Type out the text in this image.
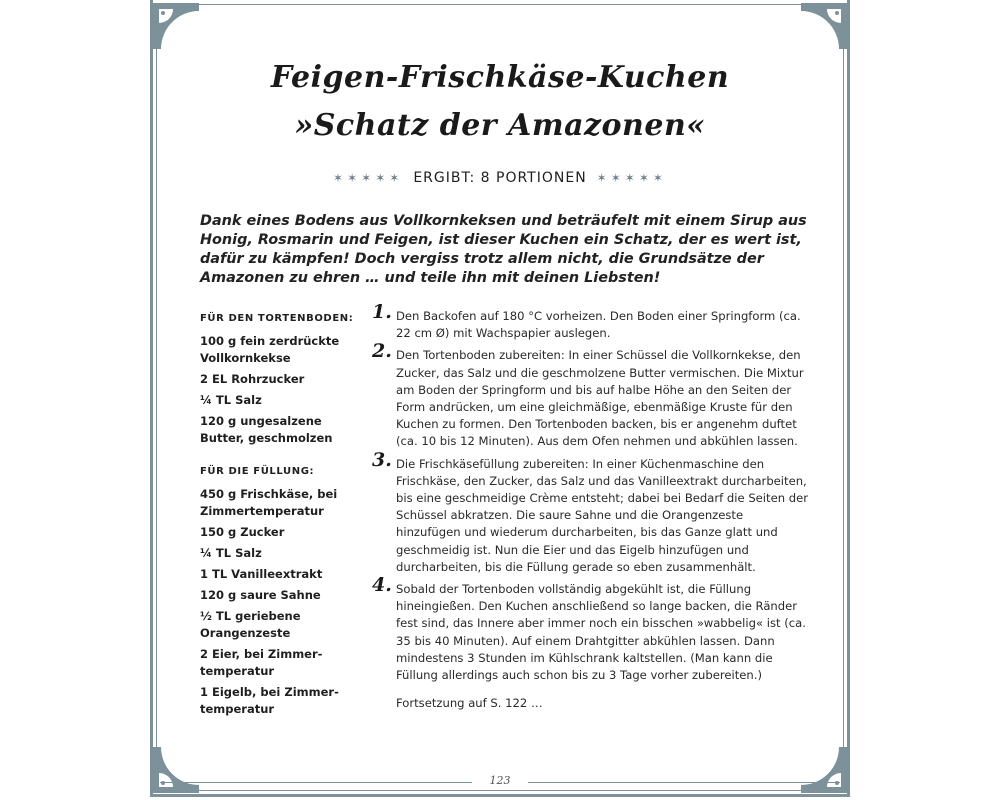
Feigen-Frischkäse-Kuchen
»Schatz der Amazonen«
✶✶✶✶✶ ERGIBT: 8 PORTIONEN ✶✶✶✶✶
Dank eines Bodens aus Vollkornkeksen und beträufelt mit einem Sirup aus Honig, Rosmarin und Feigen, ist dieser Kuchen ein Schatz, der es wert ist, dafür zu kämpfen! Doch vergiss trotz allem nicht, die Grundsätze der Amazonen zu ehren … und teile ihn mit deinen Liebsten!
FÜR DEN TORTENBODEN:
100 g fein zerdrückte Vollkornkekse
2 EL Rohrzucker
¼ TL Salz
120 g ungesalzene Butter, geschmolzen
FÜR DIE FÜLLUNG:
450 g Frischkäse, bei Zimmertemperatur
150 g Zucker
¼ TL Salz
1 TL Vanilleextrakt
120 g saure Sahne
½ TL geriebene Orangenzeste
2 Eier, bei Zimmer-temperatur
1 Eigelb, bei Zimmer-temperatur
1. Den Backofen auf 180 °C vorheizen. Den Boden einer Springform (ca. 22 cm Ø) mit Wachspapier auslegen.
2. Den Tortenboden zubereiten: In einer Schüssel die Vollkornkekse, den Zucker, das Salz und die geschmolzene Butter vermischen. Die Mixtur am Boden der Springform und bis auf halbe Höhe an den Seiten der Form andrücken, um eine gleichmäßige, ebenmäßige Kruste für den Kuchen zu formen. Den Tortenboden backen, bis er angenehm duftet (ca. 10 bis 12 Minuten). Aus dem Ofen nehmen und abkühlen lassen.
3. Die Frischkäsefüllung zubereiten: In einer Küchenmaschine den Frischkäse, den Zucker, das Salz und das Vanilleextrakt durcharbeiten, bis eine geschmeidige Crème entsteht; dabei bei Bedarf die Seiten der Schüssel abkratzen. Die saure Sahne und die Orangenzeste hinzufügen und wiederum durcharbeiten, bis das Ganze glatt und geschmeidig ist. Nun die Eier und das Eigelb hinzufügen und durcharbeiten, bis die Füllung gerade so eben zusammenhält.
4. Sobald der Tortenboden vollständig abgekühlt ist, die Füllung hineingießen. Den Kuchen anschließend so lange backen, die Ränder fest sind, das Innere aber immer noch ein bisschen »wabbelig« ist (ca. 35 bis 40 Minuten). Auf einem Drahtgitter abkühlen lassen. Dann mindestens 3 Stunden im Kühlschrank kaltstellen. (Man kann die Füllung allerdings auch schon bis zu 3 Tage vorher zubereiten.)
Fortsetzung auf S. 122 …
123
